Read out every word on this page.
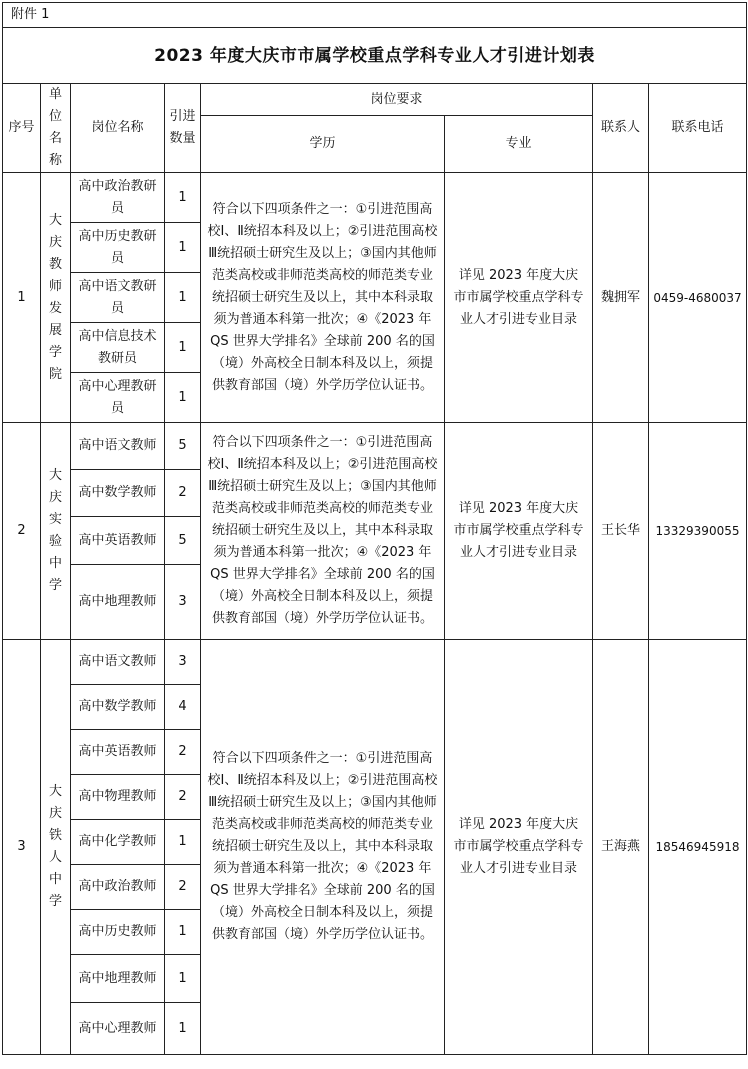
附件 1							
2023 年度大庆市市属学校重点学科专业人才引进计划表							
序号	单位名称	岗位名称	引进数量	岗位要求		联系人	联系电话
				学历	专业		
1	大庆教师发展学院	高中政治教研员	1	符合以下四项条件之一：①引进范围高校Ⅰ、Ⅱ统招本科及以上；②引进范围高校Ⅲ统招硕士研究生及以上；③国内其他师范类高校或非师范类高校的师范类专业统招硕士研究生及以上，其中本科录取须为普通本科第一批次；④《2023 年 QS 世界大学排名》全球前 200 名的国（境）外高校全日制本科及以上，须提供教育部国（境）外学历学位认证书。	详见 2023 年度大庆市市属学校重点学科专业人才引进专业目录	魏拥军	0459-4680037
		高中历史教研员	1				
		高中语文教研员	1				
		高中信息技术教研员	1				
		高中心理教研员	1				
2	大庆实验中学	高中语文教师	5	符合以下四项条件之一：①引进范围高校Ⅰ、Ⅱ统招本科及以上；②引进范围高校Ⅲ统招硕士研究生及以上；③国内其他师范类高校或非师范类高校的师范类专业统招硕士研究生及以上，其中本科录取须为普通本科第一批次；④《2023 年 QS 世界大学排名》全球前 200 名的国（境）外高校全日制本科及以上，须提供教育部国（境）外学历学位认证书。	详见 2023 年度大庆市市属学校重点学科专业人才引进专业目录	王长华	13329390055
		高中数学教师	2				
		高中英语教师	5				
		高中地理教师	3				
3	大庆铁人中学	高中语文教师	3	符合以下四项条件之一：①引进范围高校Ⅰ、Ⅱ统招本科及以上；②引进范围高校Ⅲ统招硕士研究生及以上；③国内其他师范类高校或非师范类高校的师范类专业统招硕士研究生及以上，其中本科录取须为普通本科第一批次；④《2023 年 QS 世界大学排名》全球前 200 名的国（境）外高校全日制本科及以上，须提供教育部国（境）外学历学位认证书。	详见 2023 年度大庆市市属学校重点学科专业人才引进专业目录	王海燕	18546945918
		高中数学教师	4				
		高中英语教师	2				
		高中物理教师	2				
		高中化学教师	1				
		高中政治教师	2				
		高中历史教师	1				
		高中地理教师	1				
		高中心理教师	1				
